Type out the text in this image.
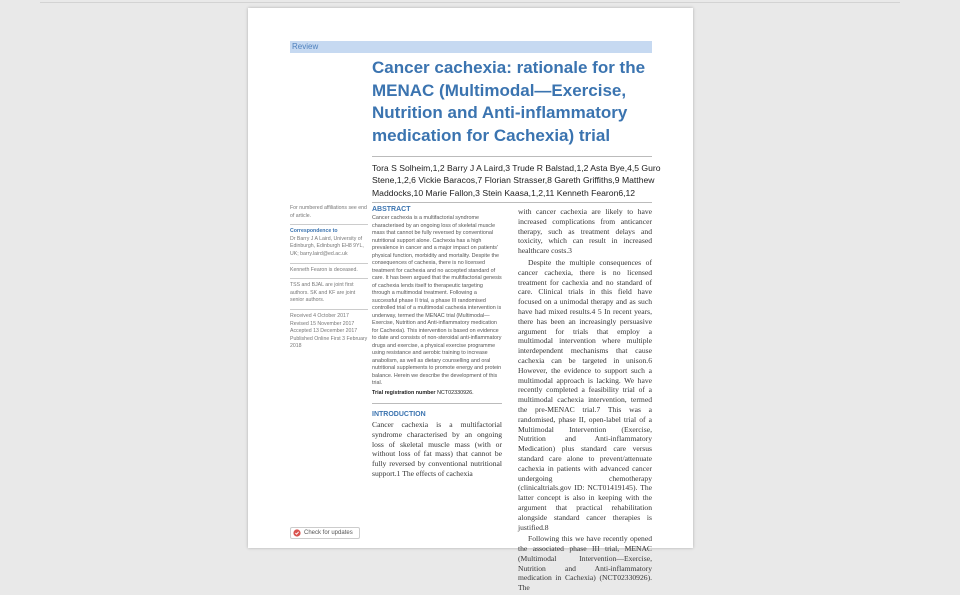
Review
Cancer cachexia: rationale for the MENAC (Multimodal—Exercise, Nutrition and Anti-inflammatory medication for Cachexia) trial
Tora S Solheim,1,2 Barry J A Laird,3 Trude R Balstad,1,2 Asta Bye,4,5 Guro Stene,1,2,6 Vickie Baracos,7 Florian Strasser,8 Gareth Griffiths,9 Matthew Maddocks,10 Marie Fallon,3 Stein Kaasa,1,2,11 Kenneth Fearon6,12

For numbered affiliations see end of article.

Correspondence to

Dr Barry J A Laird, University of Edinburgh, Edinburgh EH8 9YL, UK; barry.laird@ed.ac.uk

Kenneth Fearon is deceased.

TSS and BJAL are joint first authors. SK and KF are joint senior authors.

Received 4 October 2017 Revised 15 November 2017 Accepted 13 December 2017 Published Online First 3 February 2018

ABSTRACT

Cancer cachexia is a multifactorial syndrome characterised by an ongoing loss of skeletal muscle mass that cannot be fully reversed by conventional nutritional support alone. Cachexia has a high prevalence in cancer and a major impact on patients' physical function, morbidity and mortality. Despite the consequences of cachexia, there is no licensed treatment for cachexia and no accepted standard of care. It has been argued that the multifactorial genesis of cachexia lends itself to therapeutic targeting through a multimodal treatment. Following a successful phase II trial, a phase III randomised controlled trial of a multimodal cachexia intervention is underway, termed the MENAC trial (Multimodal—Exercise, Nutrition and Anti-inflammatory medication for Cachexia). This intervention is based on evidence to date and consists of non-steroidal anti-inflammatory drugs and exercise, a physical exercise programme using resistance and aerobic training to increase anabolism, as well as dietary counselling and oral nutritional supplements to promote energy and protein balance. Herein we describe the development of this trial.

Trial registration number NCT02330926.

INTRODUCTION

Cancer cachexia is a multifactorial syndrome characterised by an ongoing loss of skeletal muscle mass (with or without loss of fat mass) that cannot be fully reversed by conventional nutritional support.1 The effects of cachexia

with cancer cachexia are likely to have increased complications from anticancer therapy, such as treatment delays and toxicity, which can result in increased healthcare costs.3

Despite the multiple consequences of cancer cachexia, there is no licensed treatment for cachexia and no standard of care. Clinical trials in this field have focused on a unimodal therapy and as such have had mixed results.4 5 In recent years, there has been an increasingly persuasive argument for trials that employ a multimodal intervention where multiple interdependent mechanisms that cause cachexia can be targeted in unison.6 However, the evidence to support such a multimodal approach is lacking. We have recently completed a feasibility trial of a multimodal cachexia intervention, termed the pre-MENAC trial.7 This was a randomised, phase II, open-label trial of a Multimodal Intervention (Exercise, Nutrition and Anti-inflammatory Medication) plus standard care versus standard care alone to prevent/attenuate cachexia in patients with advanced cancer undergoing chemotherapy (clinicaltrials.gov ID: NCT01419145). The latter concept is also in keeping with the argument that practical rehabilitation alongside standard cancer therapies is justified.8

Following this we have recently opened the associated phase III trial, MENAC (Multimodal Intervention—Exercise, Nutrition and Anti-inflammatory medication in Cachexia) (NCT02330926). The

Check for updates
